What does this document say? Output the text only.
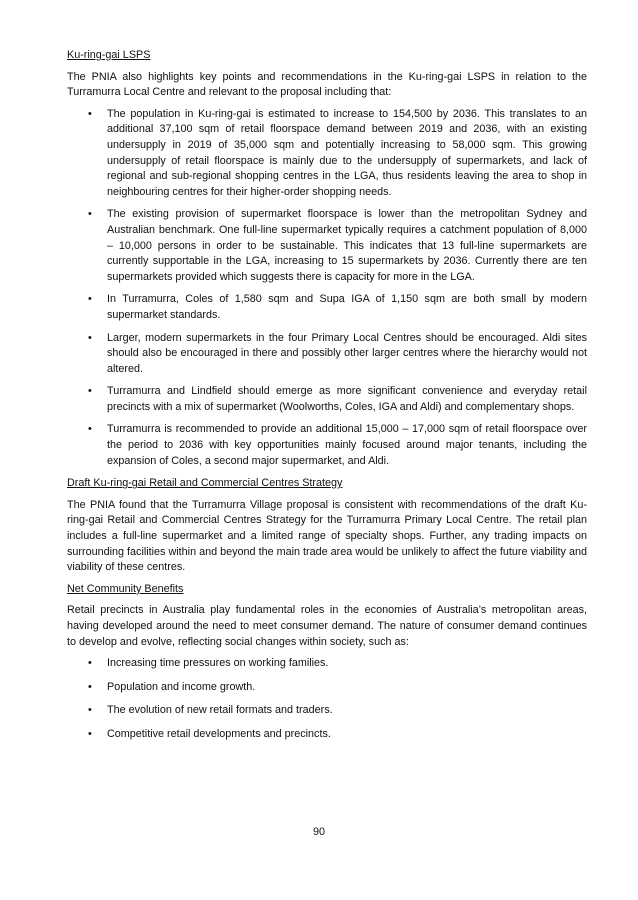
Ku-ring-gai LSPS
The PNIA also highlights key points and recommendations in the Ku-ring-gai LSPS in relation to the Turramurra Local Centre and relevant to the proposal including that:
• The population in Ku-ring-gai is estimated to increase to 154,500 by 2036. This translates to an additional 37,100 sqm of retail floorspace demand between 2019 and 2036, with an existing undersupply in 2019 of 35,000 sqm and potentially increasing to 58,000 sqm. This growing undersupply of retail floorspace is mainly due to the undersupply of supermarkets, and lack of regional and sub-regional shopping centres in the LGA, thus residents leaving the area to shop in neighbouring centres for their higher-order shopping needs.
• The existing provision of supermarket floorspace is lower than the metropolitan Sydney and Australian benchmark. One full-line supermarket typically requires a catchment population of 8,000 – 10,000 persons in order to be sustainable. This indicates that 13 full-line supermarkets are currently supportable in the LGA, increasing to 15 supermarkets by 2036. Currently there are ten supermarkets provided which suggests there is capacity for more in the LGA.
• In Turramurra, Coles of 1,580 sqm and Supa IGA of 1,150 sqm are both small by modern supermarket standards.
• Larger, modern supermarkets in the four Primary Local Centres should be encouraged. Aldi sites should also be encouraged in there and possibly other larger centres where the hierarchy would not altered.
• Turramurra and Lindfield should emerge as more significant convenience and everyday retail precincts with a mix of supermarket (Woolworths, Coles, IGA and Aldi) and complementary shops.
• Turramurra is recommended to provide an additional 15,000 – 17,000 sqm of retail floorspace over the period to 2036 with key opportunities mainly focused around major tenants, including the expansion of Coles, a second major supermarket, and Aldi.
Draft Ku-ring-gai Retail and Commercial Centres Strategy
The PNIA found that the Turramurra Village proposal is consistent with recommendations of the draft Ku-ring-gai Retail and Commercial Centres Strategy for the Turramurra Primary Local Centre. The retail plan includes a full-line supermarket and a limited range of specialty shops. Further, any trading impacts on surrounding facilities within and beyond the main trade area would be unlikely to affect the future viability and viability of these centres.
Net Community Benefits
Retail precincts in Australia play fundamental roles in the economies of Australia’s metropolitan areas, having developed around the need to meet consumer demand. The nature of consumer demand continues to develop and evolve, reflecting social changes within society, such as:
• Increasing time pressures on working families.
• Population and income growth.
• The evolution of new retail formats and traders.
• Competitive retail developments and precincts.
90
